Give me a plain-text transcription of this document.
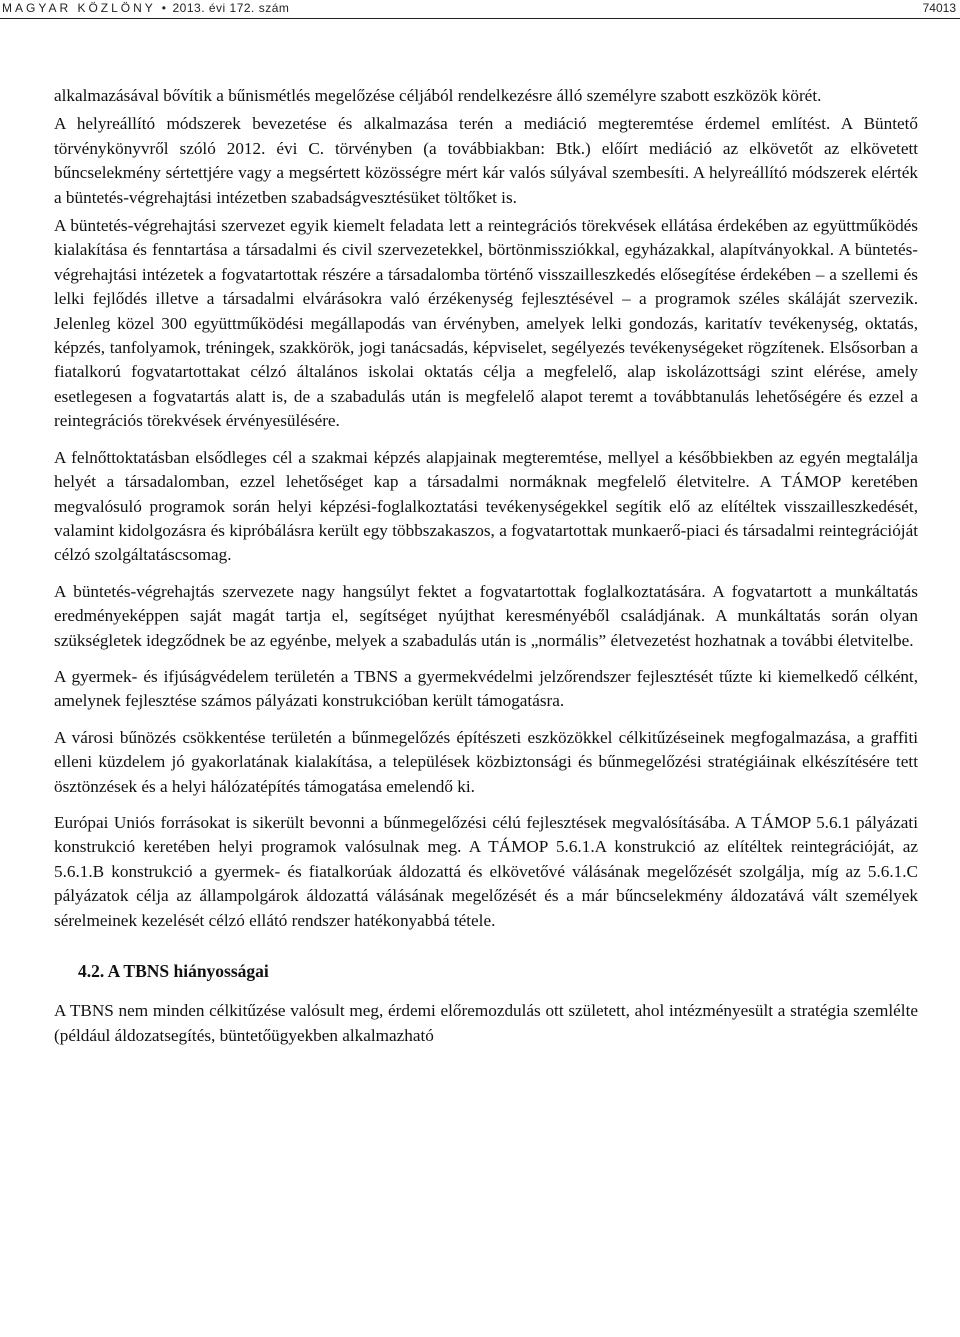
MAGYAR KÖZLÖNY • 2013. évi 172. szám	74013

alkalmazásával bővítik a bűnismétlés megelőzése céljából rendelkezésre álló személyre szabott eszközök körét.

A helyreállító módszerek bevezetése és alkalmazása terén a mediáció megteremtése érdemel említést. A Büntető törvénykönyvről szóló 2012. évi C. törvényben (a továbbiakban: Btk.) előírt mediáció az elkövetőt az elkövetett bűncselekmény sértettjére vagy a megsértett közösségre mért kár valós súlyával szembesíti. A helyreállító módszerek elérték a büntetés-végrehajtási intézetben szabadságvesztésüket töltőket is.

A büntetés-végrehajtási szervezet egyik kiemelt feladata lett a reintegrációs törekvések ellátása érdekében az együttműködés kialakítása és fenntartása a társadalmi és civil szervezetekkel, börtönmissziókkal, egyházakkal, alapítványokkal. A büntetés-végrehajtási intézetek a fogvatartottak részére a társadalomba történő visszailleszkedés elősegítése érdekében – a szellemi és lelki fejlődés illetve a társadalmi elvárásokra való érzékenység fejlesztésével – a programok széles skáláját szervezik. Jelenleg közel 300 együttműködési megállapodás van érvényben, amelyek lelki gondozás, karitatív tevékenység, oktatás, képzés, tanfolyamok, tréningek, szakkörök, jogi tanácsadás, képviselet, segélyezés tevékenységeket rögzítenek. Elsősorban a fiatalkorú fogvatartottakat célzó általános iskolai oktatás célja a megfelelő, alap iskolázottsági szint elérése, amely esetlegesen a fogvatartás alatt is, de a szabadulás után is megfelelő alapot teremt a továbbtanulás lehetőségére és ezzel a reintegrációs törekvések érvényesülésére.

A felnőttoktatásban elsődleges cél a szakmai képzés alapjainak megteremtése, mellyel a későbbiekben az egyén megtalálja helyét a társadalomban, ezzel lehetőséget kap a társadalmi normáknak megfelelő életvitelre. A TÁMOP keretében megvalósuló programok során helyi képzési-foglalkoztatási tevékenységekkel segítik elő az elítéltek visszailleszkedését, valamint kidolgozásra és kipróbálásra került egy többszakaszos, a fogvatartottak munkaerő-piaci és társadalmi reintegrációját célzó szolgáltatáscsomag.

A büntetés-végrehajtás szervezete nagy hangsúlyt fektet a fogvatartottak foglalkoztatására. A fogvatartott a munkáltatás eredményeképpen saját magát tartja el, segítséget nyújthat keresményéből családjának. A munkáltatás során olyan szükségletek idegződnek be az egyénbe, melyek a szabadulás után is „normális” életvezetést hozhatnak a további életvitelbe.

A gyermek- és ifjúságvédelem területén a TBNS a gyermekvédelmi jelzőrendszer fejlesztését tűzte ki kiemelkedő célként, amelynek fejlesztése számos pályázati konstrukcióban került támogatásra.

A városi bűnözés csökkentése területén a bűnmegelőzés építészeti eszközökkel célkitűzéseinek megfogalmazása, a graffiti elleni küzdelem jó gyakorlatának kialakítása, a települések közbiztonsági és bűnmegelőzési stratégiáinak elkészítésére tett ösztönzések és a helyi hálózatépítés támogatása emelendő ki.

Európai Uniós forrásokat is sikerült bevonni a bűnmegelőzési célú fejlesztések megvalósításába. A TÁMOP 5.6.1 pályázati konstrukció keretében helyi programok valósulnak meg. A TÁMOP 5.6.1.A konstrukció az elítéltek reintegrációját, az 5.6.1.B konstrukció a gyermek- és fiatalkorúak áldozattá és elkövetővé válásának megelőzését szolgálja, míg az 5.6.1.C pályázatok célja az állampolgárok áldozattá válásának megelőzését és a már bűncselekmény áldozatává vált személyek sérelmeinek kezelését célzó ellátó rendszer hatékonyabbá tétele.

4.2. A TBNS hiányosságai

A TBNS nem minden célkitűzése valósult meg, érdemi előremozdulás ott született, ahol intézményesült a stratégia szemlélte (például áldozatsegítés, büntetőügyekben alkalmazható
